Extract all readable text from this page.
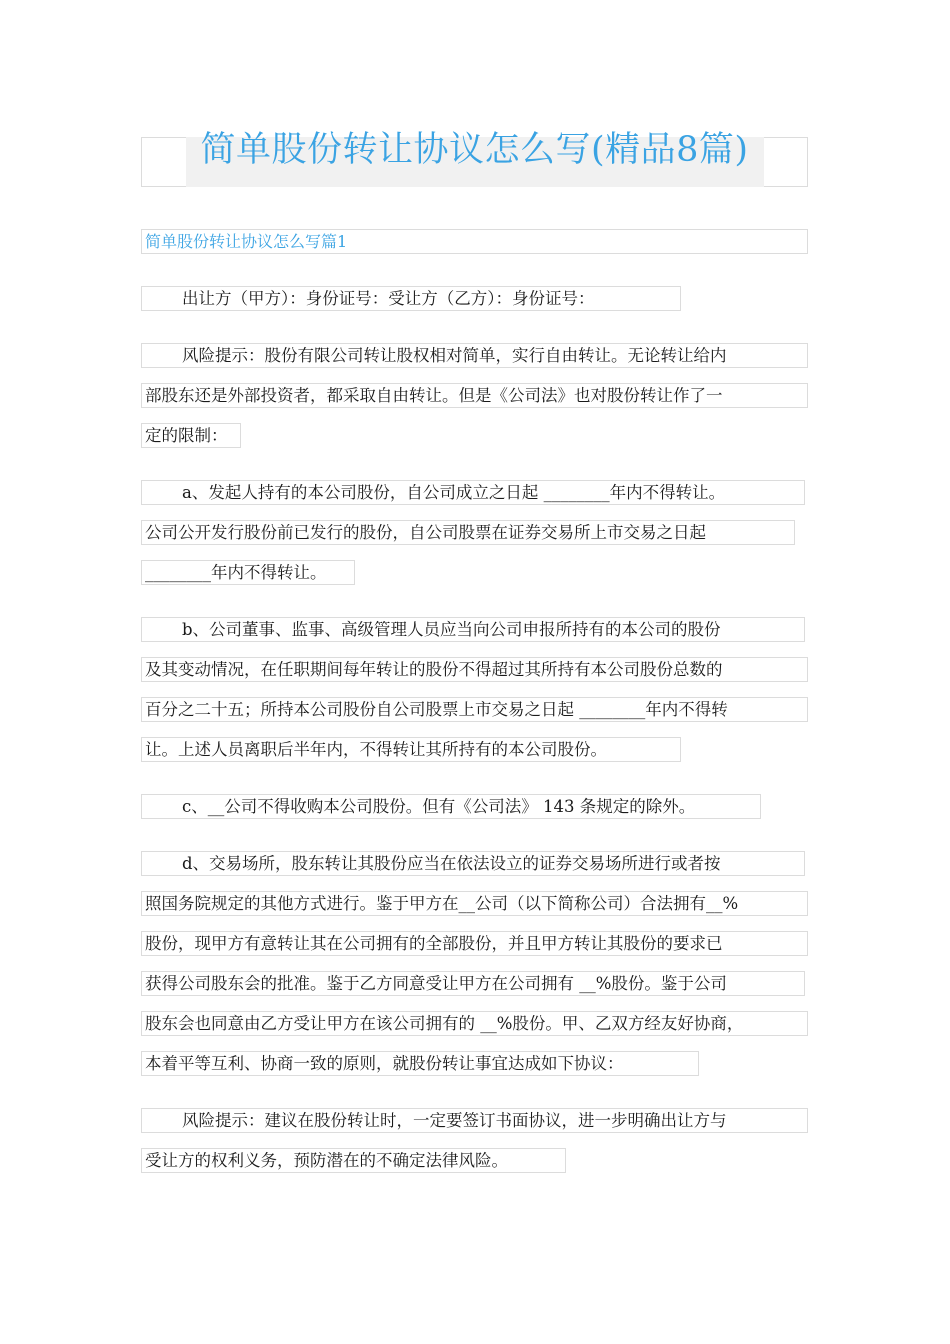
简单股份转让协议怎么写(精品8篇)
简单股份转让协议怎么写篇1
出让方（甲方）：身份证号：受让方（乙方）：身份证号：
风险提示：股份有限公司转让股权相对简单，实行自由转让。无论转让给内
部股东还是外部投资者，都采取自由转让。但是《公司法》也对股份转让作了一
定的限制：
a、发起人持有的本公司股份，自公司成立之日起 ________年内不得转让。
公司公开发行股份前已发行的股份，自公司股票在证券交易所上市交易之日起
________年内不得转让。
b、公司董事、监事、高级管理人员应当向公司申报所持有的本公司的股份
及其变动情况，在任职期间每年转让的股份不得超过其所持有本公司股份总数的
百分之二十五；所持本公司股份自公司股票上市交易之日起 ________年内不得转
让。上述人员离职后半年内，不得转让其所持有的本公司股份。
c、__公司不得收购本公司股份。但有《公司法》 143 条规定的除外。
d、交易场所，股东转让其股份应当在依法设立的证券交易场所进行或者按
照国务院规定的其他方式进行。鉴于甲方在__公司（以下简称公司）合法拥有__%
股份，现甲方有意转让其在公司拥有的全部股份，并且甲方转让其股份的要求已
获得公司股东会的批准。鉴于乙方同意受让甲方在公司拥有 __%股份。鉴于公司
股东会也同意由乙方受让甲方在该公司拥有的 __%股份。甲、乙双方经友好协商，
本着平等互利、协商一致的原则，就股份转让事宜达成如下协议：
风险提示：建议在股份转让时，一定要签订书面协议，进一步明确出让方与
受让方的权利义务，预防潜在的不确定法律风险。
